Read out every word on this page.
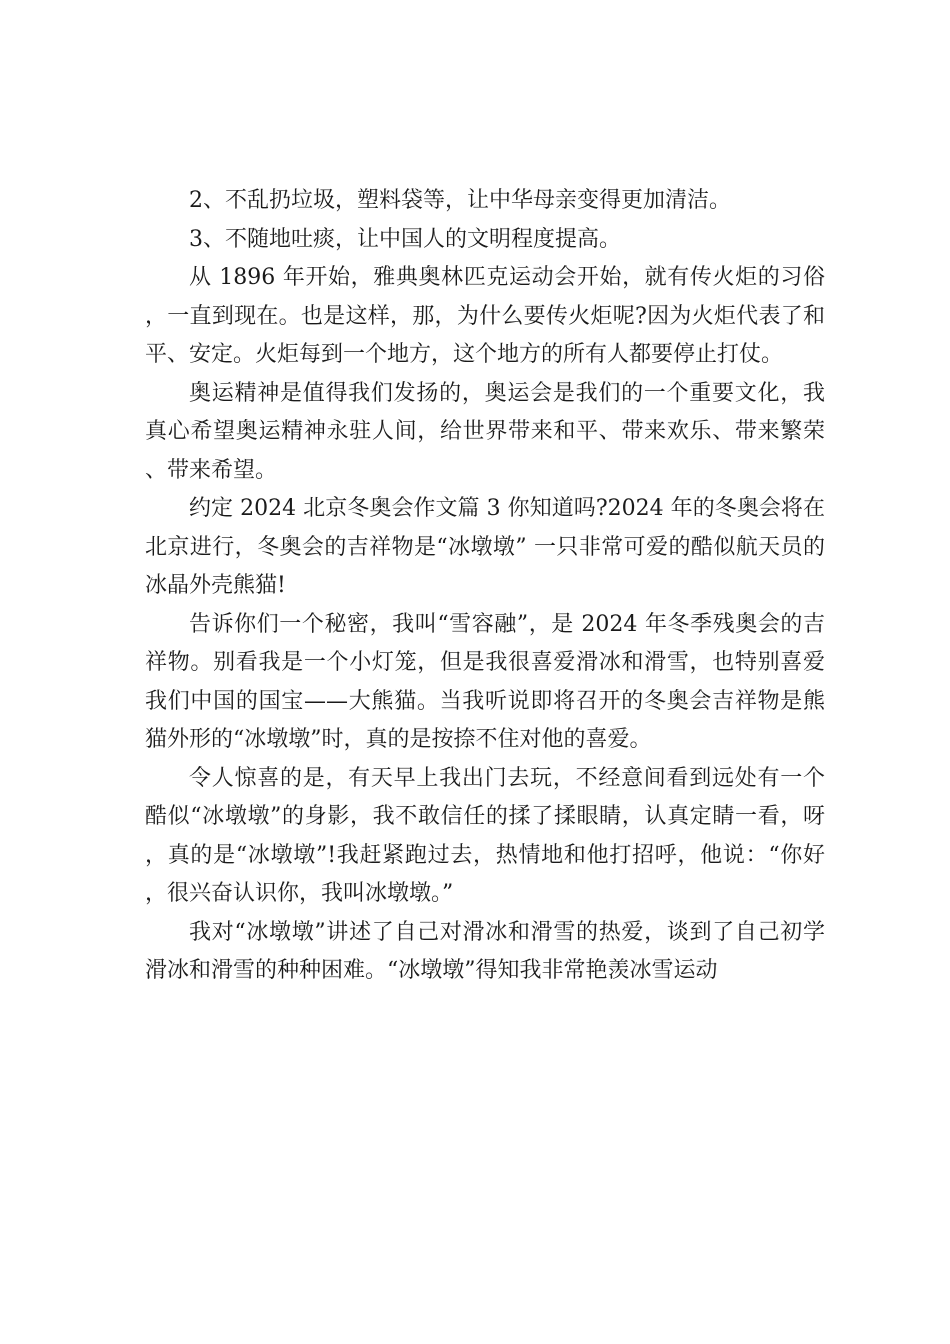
2、不乱扔垃圾，塑料袋等，让中华母亲变得更加清洁。

3、不随地吐痰，让中国人的文明程度提高。

从 1896 年开始，雅典奥林匹克运动会开始，就有传火炬的习俗，一直到现在。也是这样，那，为什么要传火炬呢?因为火炬代表了和平、安定。火炬每到一个地方，这个地方的所有人都要停止打仗。

奥运精神是值得我们发扬的，奥运会是我们的一个重要文化，我真心希望奥运精神永驻人间，给世界带来和平、带来欢乐、带来繁荣、带来希望。

约定 2024 北京冬奥会作文篇 3 你知道吗?2024 年的冬奥会将在北京进行，冬奥会的吉祥物是“冰墩墩” 一只非常可爱的酷似航天员的冰晶外壳熊猫!

告诉你们一个秘密，我叫“雪容融”，是 2024 年冬季残奥会的吉祥物。别看我是一个小灯笼，但是我很喜爱滑冰和滑雪，也特别喜爱我们中国的国宝——大熊猫。当我听说即将召开的冬奥会吉祥物是熊猫外形的“冰墩墩”时，真的是按捺不住对他的喜爱。

令人惊喜的是，有天早上我出门去玩，不经意间看到远处有一个酷似“冰墩墩”的身影，我不敢信任的揉了揉眼睛，认真定睛一看，呀，真的是“冰墩墩”!我赶紧跑过去，热情地和他打招呼，他说：“你好，很兴奋认识你，我叫冰墩墩。”

我对“冰墩墩”讲述了自己对滑冰和滑雪的热爱，谈到了自己初学滑冰和滑雪的种种困难。“冰墩墩”得知我非常艳羡冰雪运动
